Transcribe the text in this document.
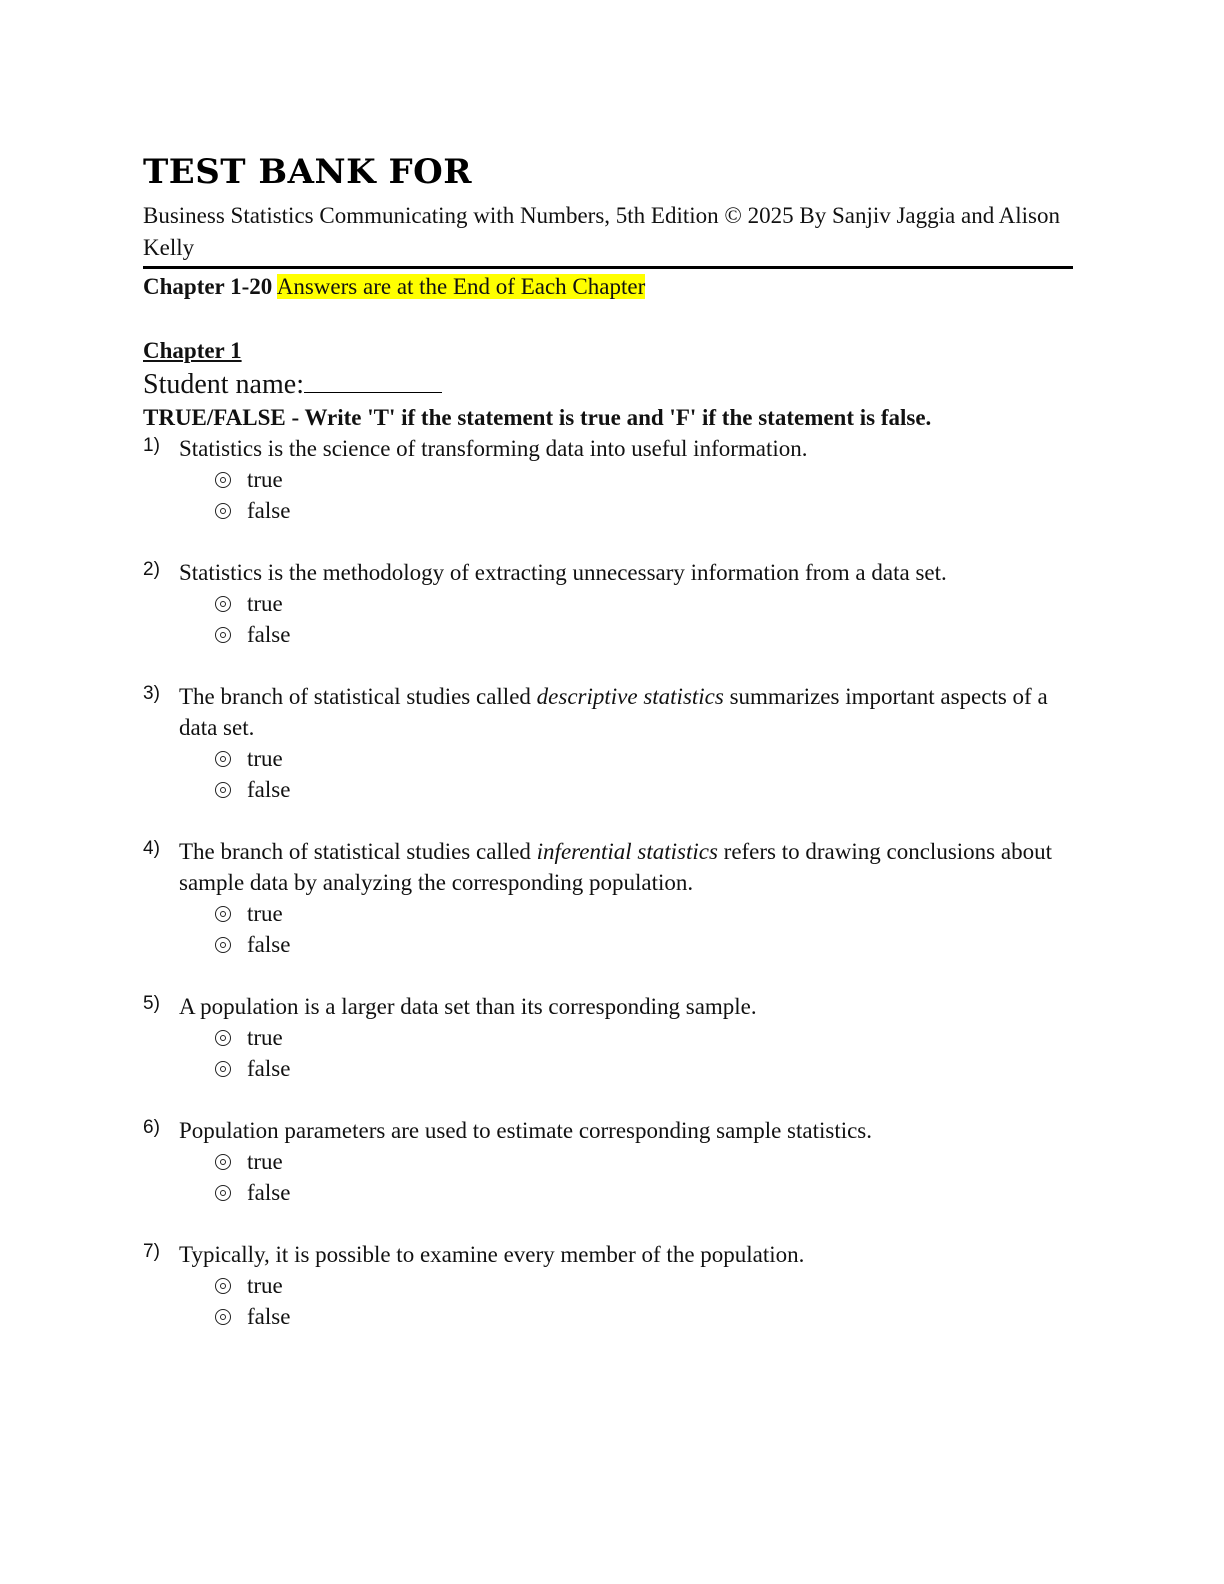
TEST BANK FOR
Business Statistics Communicating with Numbers, 5th Edition © 2025 By Sanjiv Jaggia and Alison Kelly
Chapter 1-20 Answers are at the End of Each Chapter
Chapter 1
Student name:
TRUE/FALSE - Write 'T' if the statement is true and 'F' if the statement is false.
1) Statistics is the science of transforming data into useful information.
true
false
2) Statistics is the methodology of extracting unnecessary information from a data set.
true
false
3) The branch of statistical studies called descriptive statistics summarizes important aspects of a data set.
true
false
4) The branch of statistical studies called inferential statistics refers to drawing conclusions about sample data by analyzing the corresponding population.
true
false
5) A population is a larger data set than its corresponding sample.
true
false
6) Population parameters are used to estimate corresponding sample statistics.
true
false
7) Typically, it is possible to examine every member of the population.
true
false
